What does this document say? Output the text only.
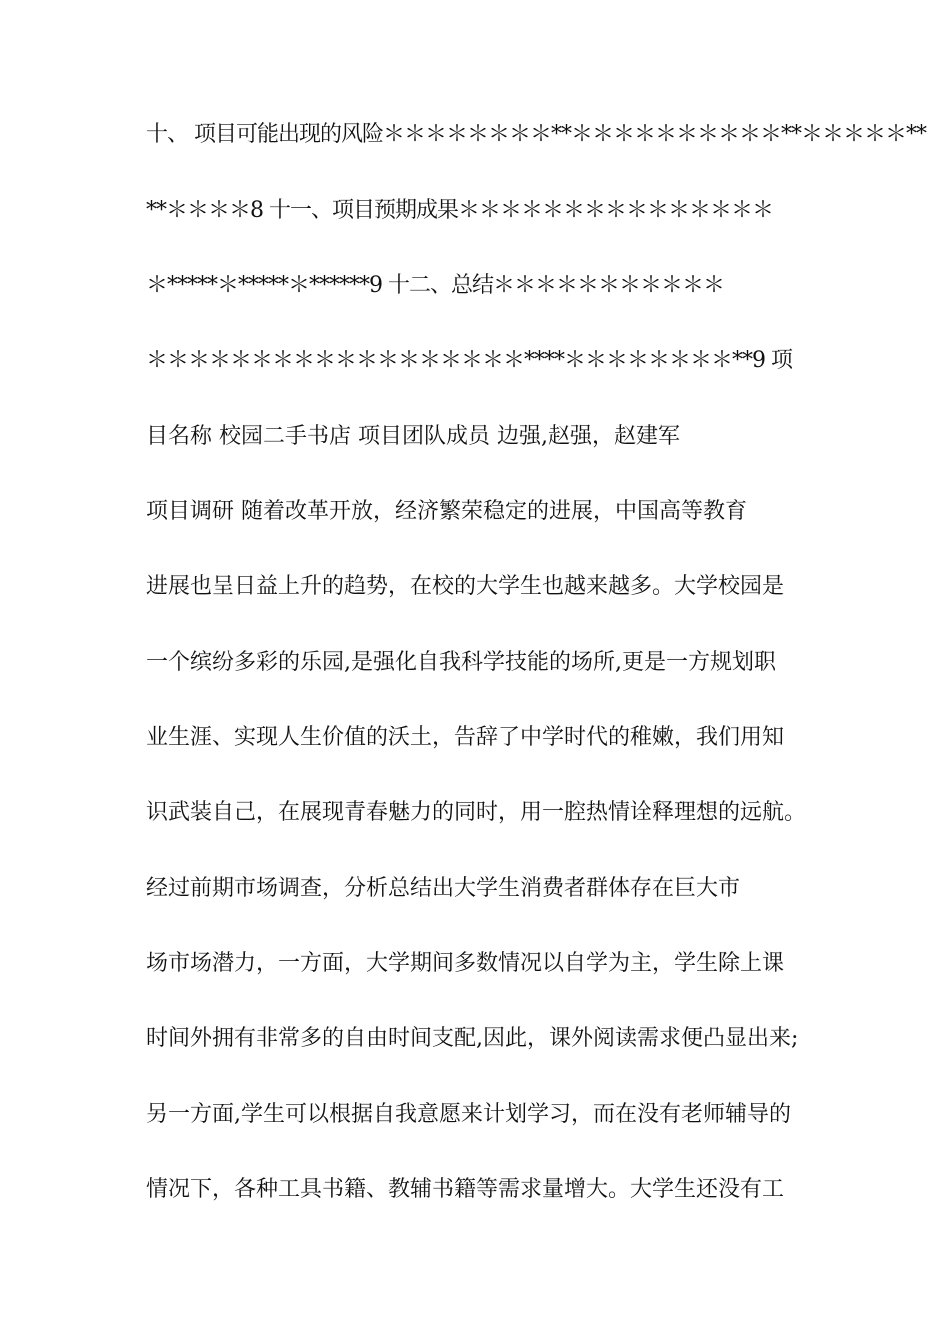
十、 项目可能出现的风险＊＊＊＊＊＊＊＊**＊＊＊＊＊＊＊＊＊＊**＊＊＊＊＊**
**＊＊＊＊8 十一、项目预期成果＊＊＊＊＊＊＊＊＊＊＊＊＊＊＊
＊*****＊*****＊******9 十二、总结＊＊＊＊＊＊＊＊＊＊＊
＊＊＊＊＊＊＊＊＊＊＊＊＊＊＊＊＊＊****＊＊＊＊＊＊＊＊**9 项
目名称 校园二手书店 项目团队成员 边强,赵强，赵建军
项目调研 随着改革开放，经济繁荣稳定的进展，中国高等教育
进展也呈日益上升的趋势，在校的大学生也越来越多。大学校园是
一个缤纷多彩的乐园,是强化自我科学技能的场所,更是一方规划职
业生涯、实现人生价值的沃土，告辞了中学时代的稚嫩，我们用知
识武装自己，在展现青春魅力的同时，用一腔热情诠释理想的远航。
经过前期市场调查，分析总结出大学生消费者群体存在巨大市
场市场潜力，一方面，大学期间多数情况以自学为主，学生除上课
时间外拥有非常多的自由时间支配,因此，课外阅读需求便凸显出来;
另一方面,学生可以根据自我意愿来计划学习，而在没有老师辅导的
情况下，各种工具书籍、教辅书籍等需求量增大。大学生还没有工
